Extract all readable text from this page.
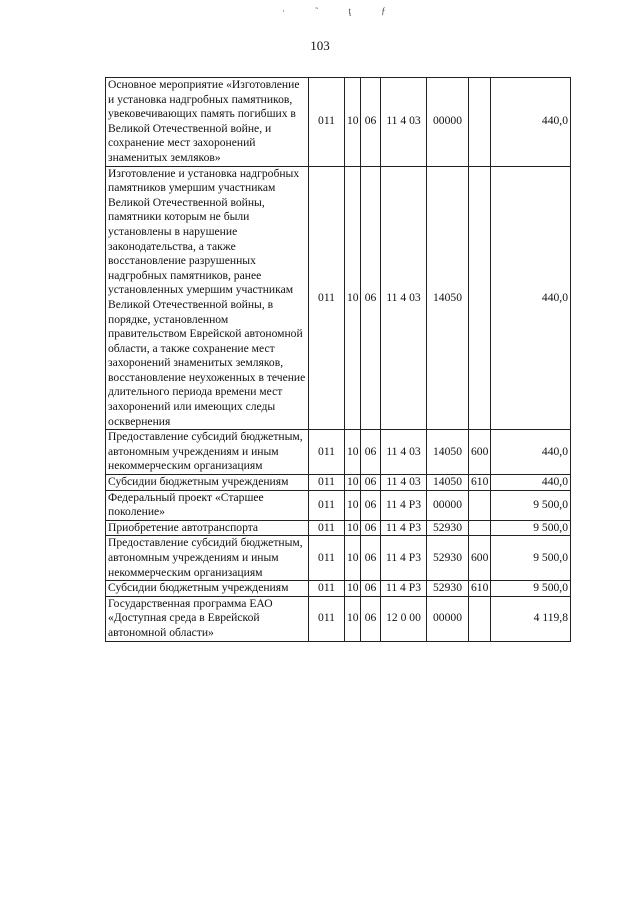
· ˜ ţ ƒ
103
Основное мероприятие «Изготовление и установка надгробных памятников, увековечивающих память погибших в Великой Отечественной войне, и сохранение мест захоронений знаменитых земляков»	011	10	06	11 4 03	00000		440,0
Изготовление и установка надгробных памятников умершим участникам Великой Отечественной войны, памятники которым не были установлены в нарушение законодательства, а также восстановление разрушенных надгробных памятников, ранее установленных умершим участникам Великой Отечественной войны, в порядке, установленном правительством Еврейской автономной области, а также сохранение мест захоронений знаменитых земляков, восстановление неухоженных в течение длительного периода времени мест захоронений или имеющих следы осквернения	011	10	06	11 4 03	14050		440,0
Предоставление субсидий бюджетным, автономным учреждениям и иным некоммерческим организациям	011	10	06	11 4 03	14050	600	440,0
Субсидии бюджетным учреждениям	011	10	06	11 4 03	14050	610	440,0
Федеральный проект «Старшее поколение»	011	10	06	11 4 P3	00000		9 500,0
Приобретение автотранспорта	011	10	06	11 4 P3	52930		9 500,0
Предоставление субсидий бюджетным, автономным учреждениям и иным некоммерческим организациям	011	10	06	11 4 P3	52930	600	9 500,0
Субсидии бюджетным учреждениям	011	10	06	11 4 P3	52930	610	9 500,0
Государственная программа ЕАО «Доступная среда в Еврейской автономной области»	011	10	06	12 0 00	00000		4 119,8
